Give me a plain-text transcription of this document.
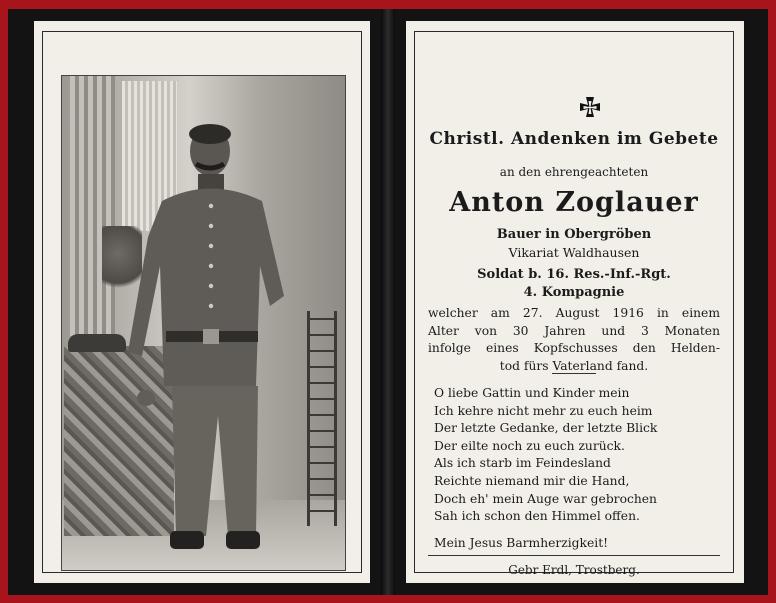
Christl. Andenken im Gebete
an den ehrengeachteten
Anton Zoglauer
Bauer in Obergröben
Vikariat Waldhausen
Soldat b. 16. Res.-Inf.-Rgt.
4. Kompagnie

welcher am 27. August 1916 in einem

Alter von 30 Jahren und 3 Monaten

infolge eines Kopfschusses den Helden-

tod fürs Vaterland fand.

O liebe Gattin und Kinder mein

Ich kehre nicht mehr zu euch heim

Der letzte Gedanke, der letzte Blick

Der eilte noch zu euch zurück.

Als ich starb im Feindesland

Reichte niemand mir die Hand,

Doch eh' mein Auge war gebrochen

Sah ich schon den Himmel offen.

Mein Jesus Barmherzigkeit!
Gebr Erdl, Trostberg.
